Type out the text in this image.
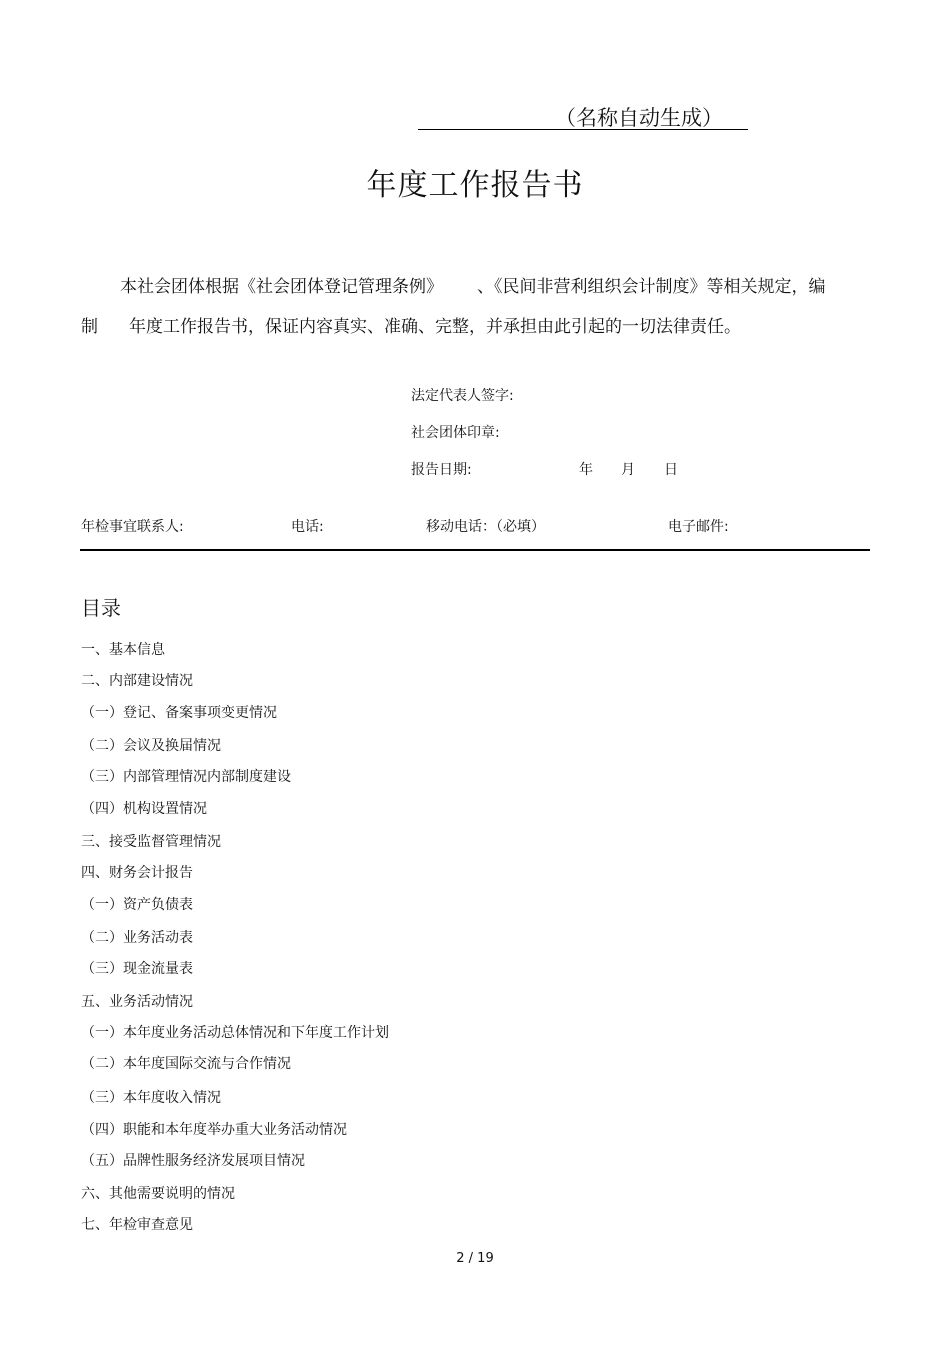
（名称自动生成）
年度工作报告书
本社会团体根据《社会团体登记管理条例》 、《民间非营利组织会计制度》等相关规定，编
制 年度工作报告书，保证内容真实、准确、完整，并承担由此引起的一切法律责任。
法定代表人签字:
社会团体印章:
报告日期:	年 月 日
年检事宜联系人:	电话:	移动电话：（必填）	电子邮件:
目录
一、基本信息
二、内部建设情况
（一）登记、备案事项变更情况
（二）会议及换届情况
（三）内部管理情况内部制度建设
（四）机构设置情况
三、接受监督管理情况
四、财务会计报告
（一）资产负债表
（二）业务活动表
（三）现金流量表
五、业务活动情况
（一）本年度业务活动总体情况和下年度工作计划
（二）本年度国际交流与合作情况
（三）本年度收入情况
（四）职能和本年度举办重大业务活动情况
（五）品牌性服务经济发展项目情况
六、其他需要说明的情况
七、年检审查意见
2 / 19
